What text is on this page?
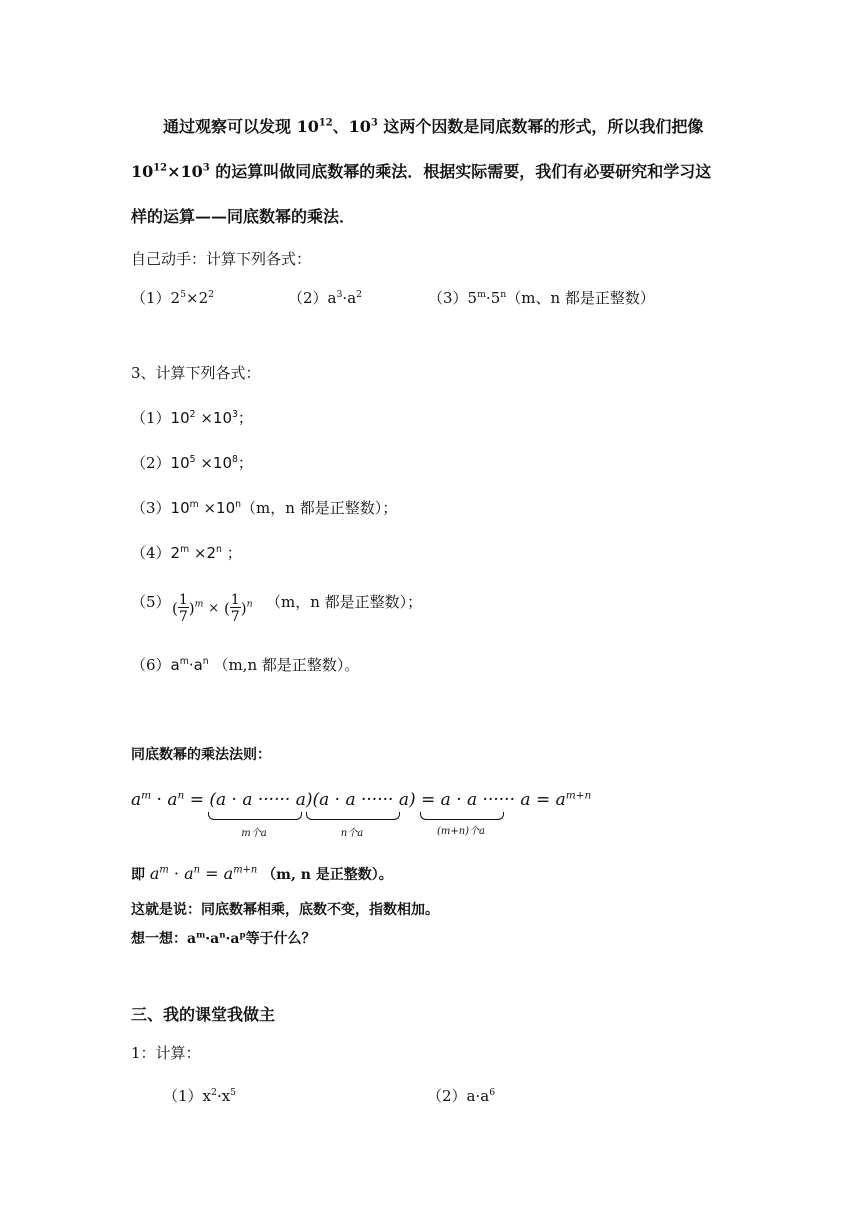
通过观察可以发现 $10^{12}$、$10^3$ 这两个因数是同底数幂的形式，所以我们把像
$10^{12}\times 10^3$ 的运算叫做同底数幂的乘法．根据实际需要，我们有必要研究和学习这
样的运算——同底数幂的乘法．
自己动手：计算下列各式：
$(1)2^5\times 2^2$	$(2)a^3\cdot a^2$	$(3)5^m\cdot 5^n(m$、n 都是正整数）
3、计算下列各式：
$(1)10^2 \times 10^3$；
$(2)10^5 \times 10^8$；
$(3)10^m \times 10^n(m$，n 都是正整数）；
$(4)2^m \times 2^n$ ；
（5） ( $\frac{1}{7} )^m$ × ( $\frac{1}{7} )^n$ （m，n 都是正整数）；
$(6)a^m\cdot a^n$ （m,n 都是正整数）。
同底数幂的乘法法则：
$a^m \cdot a^n = (a \cdot a$ ······ a)(a · a ······ a) = a · a ······ $a = a^{m+n}$
m个a	n个a	(m+n)个a
即 $a^m \cdot a^n = a^{m+n}$ （m, n 是正整数）。
这就是说：同底数幂相乘，底数不变，指数相加。
想一想：$a^m\cdot a^n\cdot a^p$等于什么？
三、我的课堂我做主
1：计算：
$(1)x^2\cdot x^5$	$(2)a\cdot a^6$
